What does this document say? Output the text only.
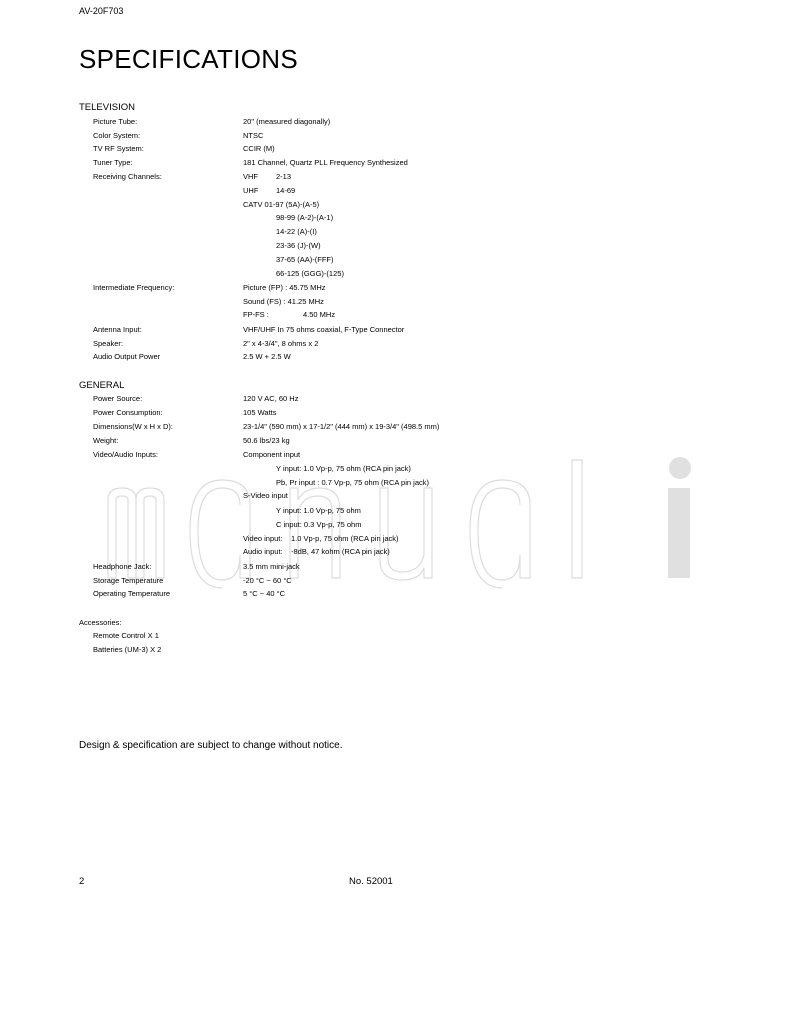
AV-20F703
SPECIFICATIONS
TELEVISION
Picture Tube:	20" (measured diagonally)
Color System:	NTSC
TV RF System:	CCIR (M)
Tuner Type:	181 Channel, Quartz PLL Frequency Synthesized
Receiving Channels:	VHF 2-13
UHF 14-69
CATV 01-97 (5A)-(A-5)
98-99 (A-2)-(A-1)
14-22 (A)-(I)
23-36 (J)-(W)
37-65 (AA)-(FFF)
66-125 (GGG)-(125)
Intermediate Frequency:	Picture (FP) : 45.75 MHz
Sound (FS) : 41.25 MHz
FP-FS :	4.50 MHz
Antenna Input:	VHF/UHF In 75 ohms coaxial, F-Type Connector
Speaker:	2" x 4-3/4", 8 ohms x 2
Audio Output Power	2.5 W + 2.5 W
GENERAL
Power Source:	120 V AC, 60 Hz
Power Consumption:	105 Watts
Dimensions(W x H x D):	23-1/4" (590 mm) x 17-1/2" (444 mm) x 19-3/4" (498.5 mm)
Weight:	50.6 lbs/23 kg
Video/Audio Inputs:	Component input
Y input: 1.0 Vp-p, 75 ohm (RCA pin jack)
Pb, Pr input : 0.7 Vp-p, 75 ohm (RCA pin jack)
S-Video input
Y input: 1.0 Vp-p, 75 ohm
C input: 0.3 Vp-p, 75 ohm
Video input: 1.0 Vp-p, 75 ohm (RCA pin jack)
Audio input: -8dB, 47 kohm (RCA pin jack)
Headphone Jack:	3.5 mm mini-jack
Storage Temperature	-20 °C ~ 60 °C
Operating Temperature	5 °C ~ 40 °C
Accessories:
Remote Control X 1
Batteries (UM-3) X 2
Design & specification are subject to change without notice.
2	No. 52001
